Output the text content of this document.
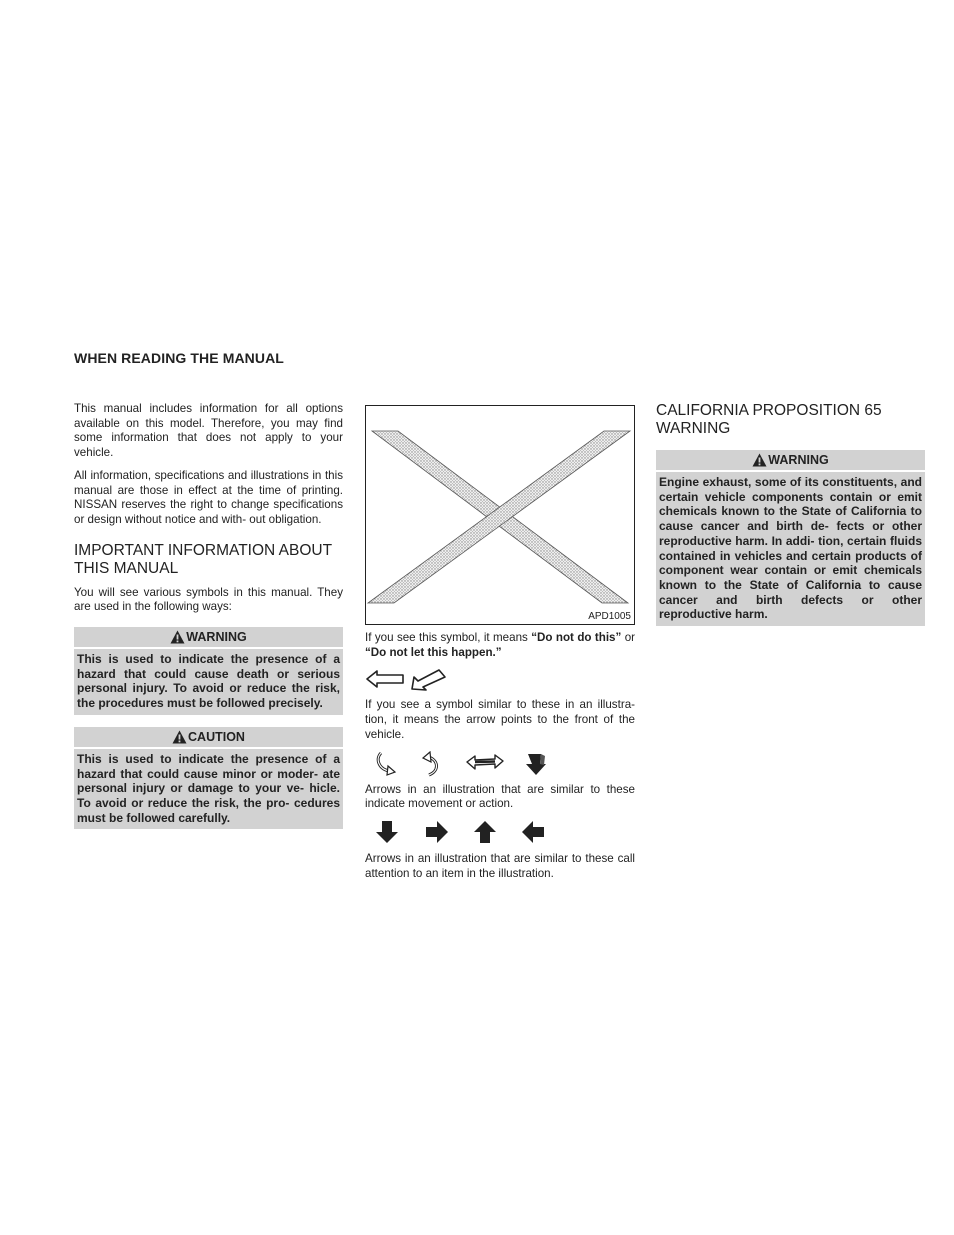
WHEN READING THE MANUAL

This manual includes information for all options available on this model. Therefore, you may find some information that does not apply to your vehicle.

All information, specifications and illustrations in this manual are those in effect at the time of printing. NISSAN reserves the right to change specifications or design without notice and with- out obligation.

IMPORTANT INFORMATION ABOUT THIS MANUAL

You will see various symbols in this manual. They are used in the following ways:

WARNING
This is used to indicate the presence of a hazard that could cause death or serious personal injury. To avoid or reduce the risk, the procedures must be followed precisely.
CAUTION
This is used to indicate the presence of a hazard that could cause minor or moder- ate personal injury or damage to your ve- hicle. To avoid or reduce the risk, the pro- cedures must be followed carefully.
APD1005

If you see this symbol, it means “Do not do this” or “Do not let this happen.”

If you see a symbol similar to these in an illustra- tion, it means the arrow points to the front of the vehicle.

Arrows in an illustration that are similar to these indicate movement or action.

Arrows in an illustration that are similar to these call attention to an item in the illustration.

CALIFORNIA PROPOSITION 65 WARNING
WARNING
Engine exhaust, some of its constituents, and certain vehicle components contain or emit chemicals known to the State of California to cause cancer and birth de- fects or other reproductive harm. In addi- tion, certain fluids contained in vehicles and certain products of component wear contain or emit chemicals known to the State of California to cause cancer and birth defects or other reproductive harm.
